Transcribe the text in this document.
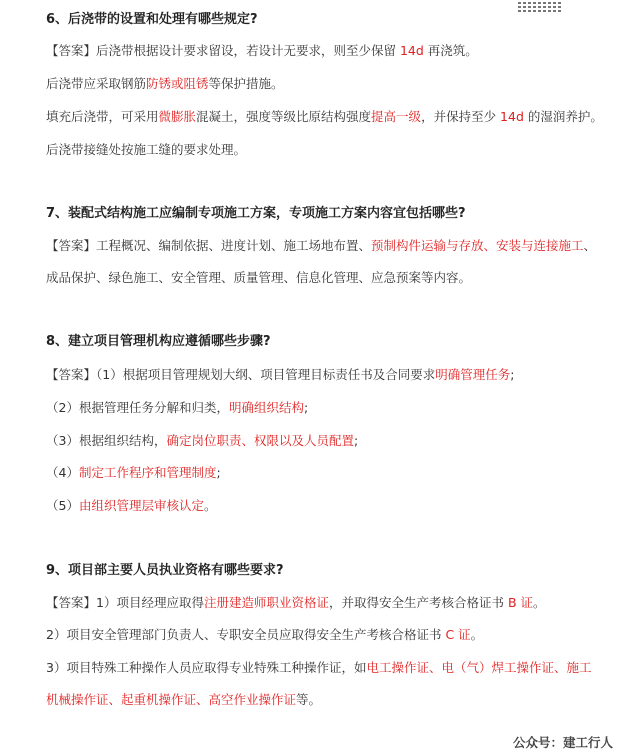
6、后浇带的设置和处理有哪些规定?
【答案】后浇带根据设计要求留设，若设计无要求，则至少保留 14d 再浇筑。
后浇带应采取钢筋防锈或阻锈等保护措施。
填充后浇带，可采用微膨胀混凝土，强度等级比原结构强度提高一级，并保持至少 14d 的湿润养护。
后浇带接缝处按施工缝的要求处理。
7、装配式结构施工应编制专项施工方案，专项施工方案内容宜包括哪些?
【答案】工程概况、编制依据、进度计划、施工场地布置、预制构件运输与存放、安装与连接施工、
成品保护、绿色施工、安全管理、质量管理、信息化管理、应急预案等内容。
8、建立项目管理机构应遵循哪些步骤?
【答案】（1）根据项目管理规划大纲、项目管理目标责任书及合同要求明确管理任务;
（2）根据管理任务分解和归类，明确组织结构;
（3）根据组织结构，确定岗位职责、权限以及人员配置;
（4）制定工作程序和管理制度;
（5）由组织管理层审核认定。
9、项目部主要人员执业资格有哪些要求?
【答案】1）项目经理应取得注册建造师职业资格证，并取得安全生产考核合格证书 B 证。
2）项目安全管理部门负责人、专职安全员应取得安全生产考核合格证书 C 证。
3）项目特殊工种操作人员应取得专业特殊工种操作证，如电工操作证、电（气）焊工操作证、施工
机械操作证、起重机操作证、高空作业操作证等。
公众号：建工行人
